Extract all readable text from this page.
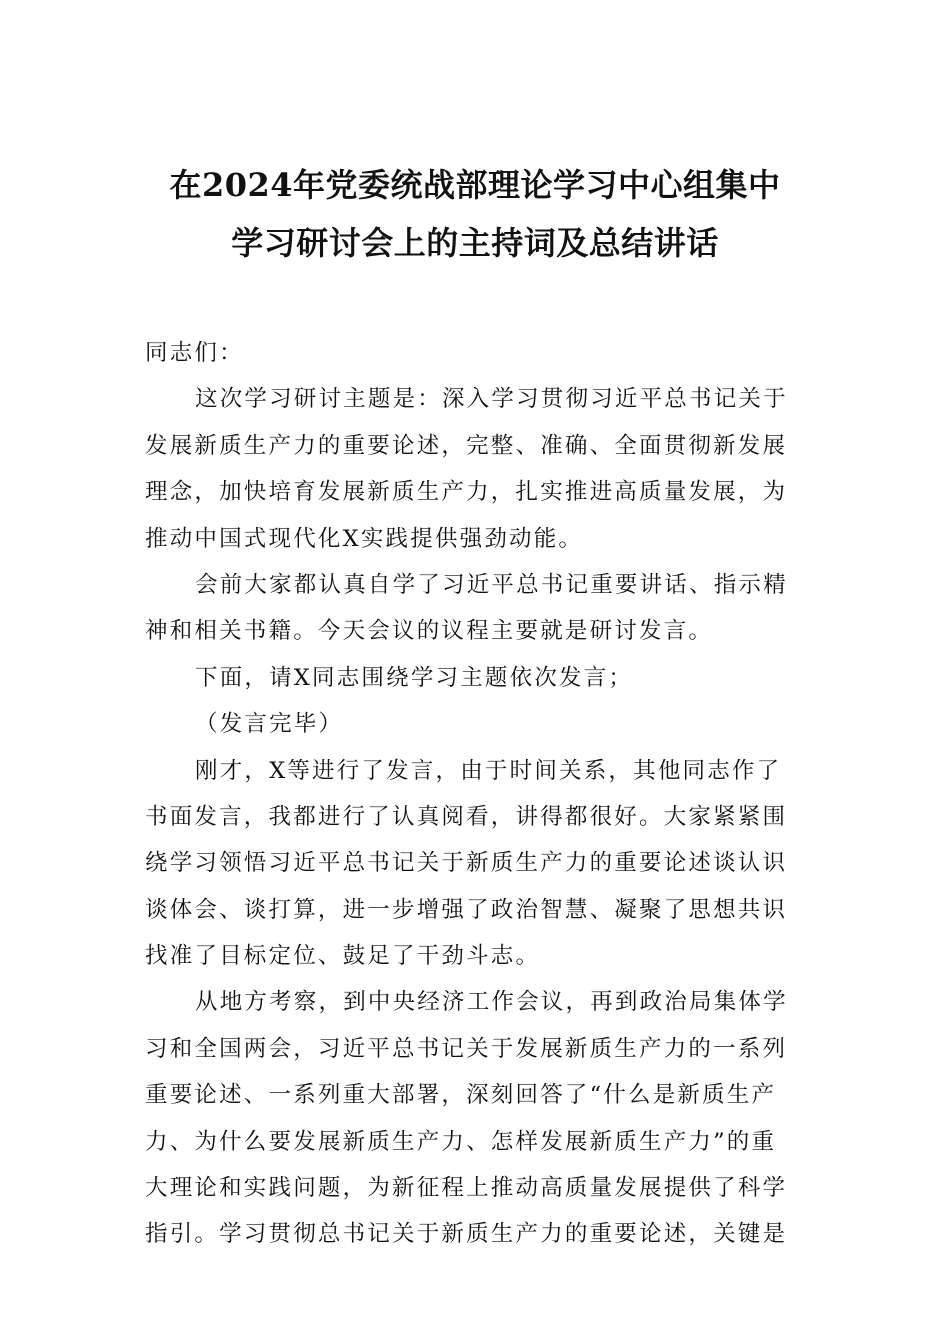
在2024年党委统战部理论学习中心组集中
学习研讨会上的主持词及总结讲话
同志们：
这次学习研讨主题是：深入学习贯彻习近平总书记关于
发展新质生产力的重要论述，完整、准确、全面贯彻新发展
理念，加快培育发展新质生产力，扎实推进高质量发展，为
推动中国式现代化X实践提供强劲动能。
会前大家都认真自学了习近平总书记重要讲话、指示精
神和相关书籍。今天会议的议程主要就是研讨发言。
下面，请X同志围绕学习主题依次发言；
（发言完毕）
刚才，X等进行了发言，由于时间关系，其他同志作了
书面发言，我都进行了认真阅看，讲得都很好。大家紧紧围
绕学习领悟习近平总书记关于新质生产力的重要论述谈认识
谈体会、谈打算，进一步增强了政治智慧、凝聚了思想共识
找准了目标定位、鼓足了干劲斗志。
从地方考察，到中央经济工作会议，再到政治局集体学
习和全国两会，习近平总书记关于发展新质生产力的一系列
重要论述、一系列重大部署，深刻回答了“什么是新质生产
力、为什么要发展新质生产力、怎样发展新质生产力”的重
大理论和实践问题，为新征程上推动高质量发展提供了科学
指引。学习贯彻总书记关于新质生产力的重要论述，关键是
